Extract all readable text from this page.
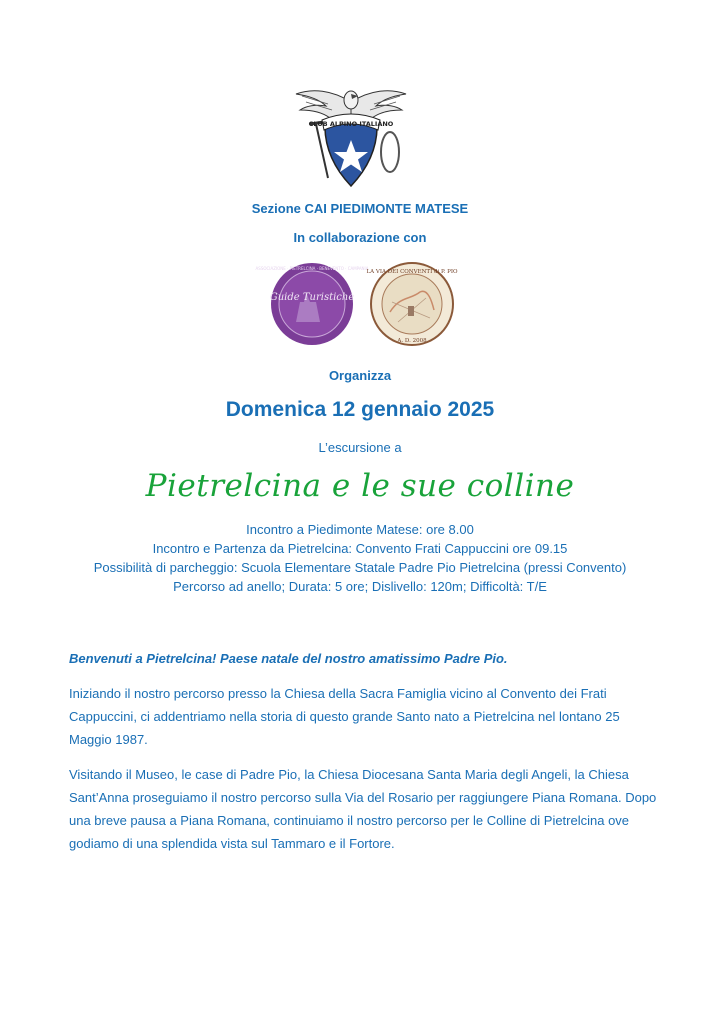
CLUB ALPINO ITALIANO
Sezione CAI PIEDIMONTE MATESE
In collaborazione con
Guide Turistiche
ASSOCIAZIONE · PIETRELCINA · BENEVENTO · CAMPANIA
LA VIA DEI CONVENTI di P. PIO
A. D. 2008
Organizza
Domenica 12 gennaio 2025
L’escursione a
Pietrelcina e le sue colline
Incontro a Piedimonte Matese: ore 8.00
Incontro e Partenza da Pietrelcina: Convento Frati Cappuccini ore 09.15
Possibilità di parcheggio: Scuola Elementare Statale Padre Pio Pietrelcina (pressi Convento)
Percorso ad anello; Durata: 5 ore; Dislivello: 120m; Difficoltà: T/E

Benvenuti a Pietrelcina! Paese natale del nostro amatissimo Padre Pio.

Iniziando il nostro percorso presso la Chiesa della Sacra Famiglia vicino al Convento dei Frati Cappuccini, ci addentriamo nella storia di questo grande Santo nato a Pietrelcina nel lontano 25 Maggio 1987.

Visitando il Museo, le case di Padre Pio, la Chiesa Diocesana Santa Maria degli Angeli, la Chiesa Sant’Anna proseguiamo il nostro percorso sulla Via del Rosario per raggiungere Piana Romana. Dopo una breve pausa a Piana Romana, continuiamo il nostro percorso per le Colline di Pietrelcina ove godiamo di una splendida vista sul Tammaro e il Fortore.
